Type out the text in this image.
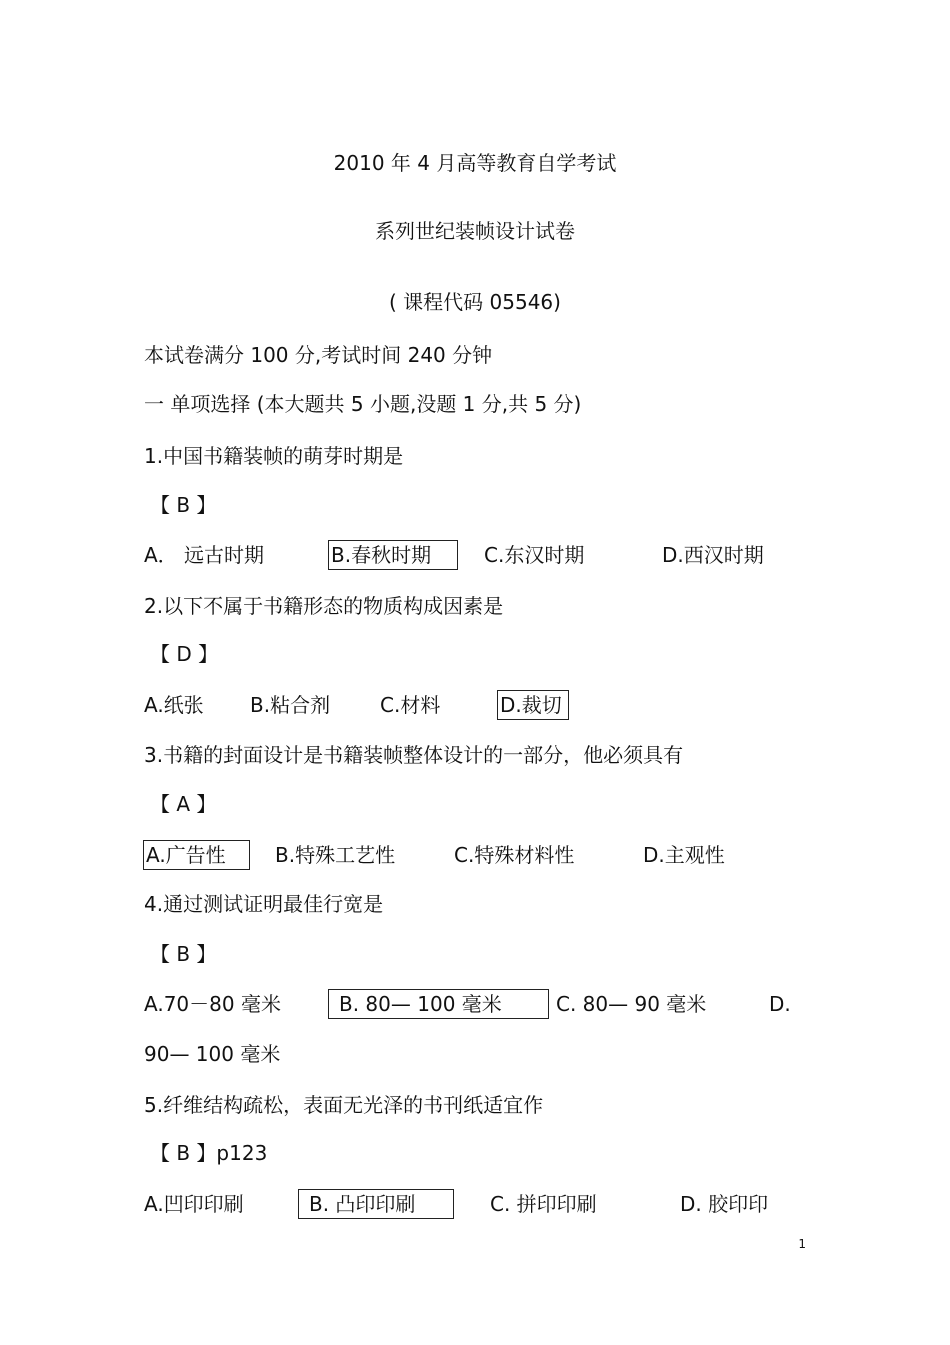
2010 年 4 月高等教育自学考试
系列世纪装帧设计试卷
( 课程代码 05546)
本试卷满分 100 分,考试时间 240 分钟
一 单项选择 (本大题共 5 小题,没题 1 分,共 5 分)
1.中国书籍装帧的萌芽时期是
【 B 】
A． 远古时期	B.春秋时期	C.东汉时期	D.西汉时期
2.以下不属于书籍形态的物质构成因素是
【 D 】
A.纸张 B.粘合剂 C.材料	D.裁切
3.书籍的封面设计是书籍装帧整体设计的一部分，他必须具有
【 A 】
A.广告性	B.特殊工艺性	C.特殊材料性	D.主观性
4.通过测试证明最佳行宽是
【 B 】
A.70－80 毫米	B. 80— 100 毫米	C. 80— 90 毫米	D.
90— 100 毫米
5.纤维结构疏松，表面无光泽的书刊纸适宜作
【 B 】p123
A.凹印印刷	B. 凸印印刷	C. 拼印印刷	D. 胶印印
1
